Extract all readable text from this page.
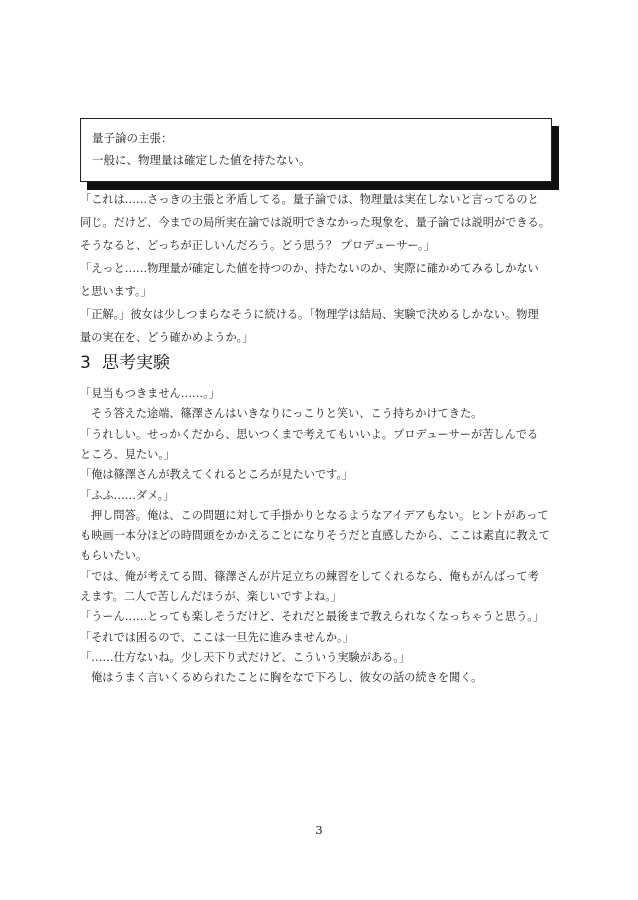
量子論の主張：
一般に、物理量は確定した値を持たない。
「これは……さっきの主張と矛盾してる。量子論では、物理量は実在しないと言ってるのと
同じ。だけど、今までの局所実在論では説明できなかった現象を、量子論では説明ができる。
そうなると、どっちが正しいんだろう。どう思う？ プロデューサー。」
「えっと……物理量が確定した値を持つのか、持たないのか、実際に確かめてみるしかない
と思います。」
「正解。」彼女は少しつまらなそうに続ける。「物理学は結局、実験で決めるしかない。物理
量の実在を、どう確かめようか。」
3 思考実験
「見当もつきません……。」
そう答えた途端、篠澤さんはいきなりにっこりと笑い、こう持ちかけてきた。
「うれしい。せっかくだから、思いつくまで考えてもいいよ。プロデューサーが苦しんでる
ところ、見たい。」
「俺は篠澤さんが教えてくれるところが見たいです。」
「ふふ……ダメ。」
押し問答。俺は、この問題に対して手掛かりとなるようなアイデアもない。ヒントがあって
も映画一本分ほどの時間頭をかかえることになりそうだと直感したから、ここは素直に教えて
もらいたい。
「では、俺が考えてる間、篠澤さんが片足立ちの練習をしてくれるなら、俺もがんばって考
えます。二人で苦しんだほうが、楽しいですよね。」
「うーん……とっても楽しそうだけど、それだと最後まで教えられなくなっちゃうと思う。」
「それでは困るので、ここは一旦先に進みませんか。」
「……仕方ないね。少し天下り式だけど、こういう実験がある。」
俺はうまく言いくるめられたことに胸をなで下ろし、彼女の話の続きを聞く。
3
